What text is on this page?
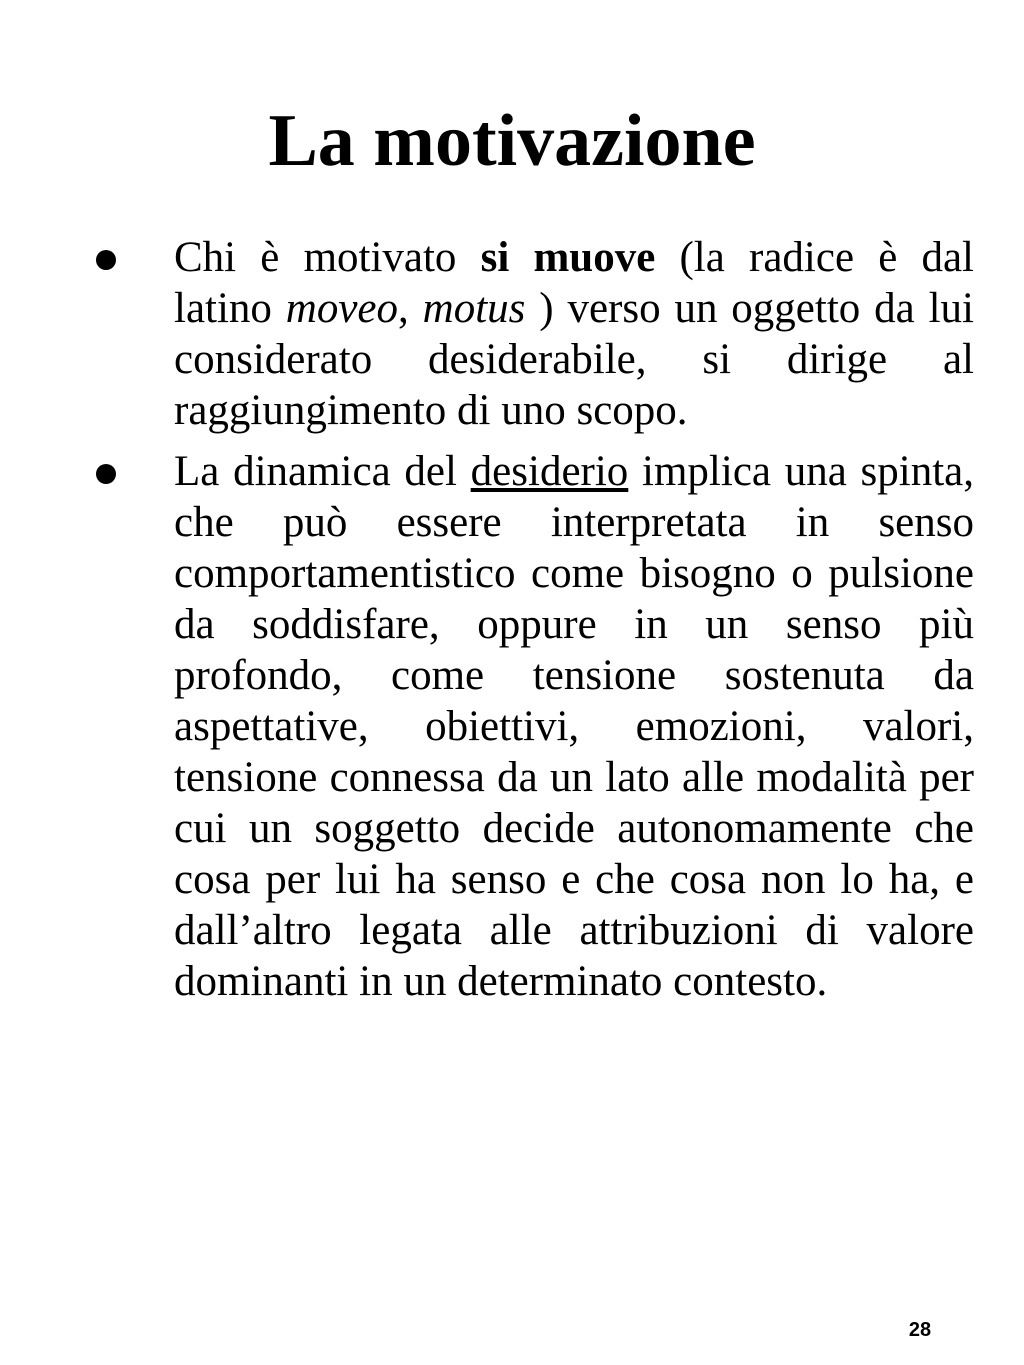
La motivazione
Chi è motivato si muove (la radice è dal latino moveo, motus ) verso un oggetto da lui considerato desiderabile, si dirige al raggiungimento di uno scopo.
La dinamica del desiderio implica una spinta, che può essere interpretata in senso comportamentistico come bisogno o pulsione da soddisfare, oppure in un senso più profondo, come tensione sostenuta da aspettative, obiettivi, emozioni, valori, tensione connessa da un lato alle modalità per cui un soggetto decide autonomamente che cosa per lui ha senso e che cosa non lo ha, e dall’altro legata alle attribuzioni di valore dominanti in un determinato contesto.
28
